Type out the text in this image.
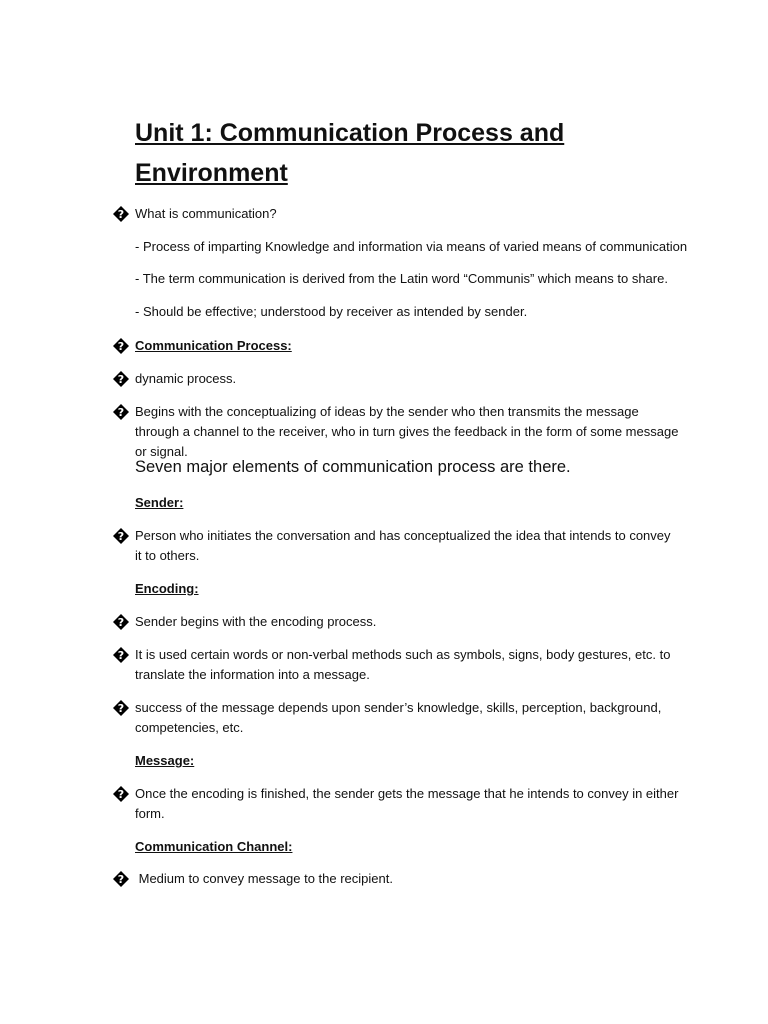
Unit 1: Communication Process and
Environment
? What is communication?
- Process of imparting Knowledge and information via means of varied means of communication
- The term communication is derived from the Latin word “Communis” which means to share.
- Should be effective; understood by receiver as intended by sender.
? Communication Process:
? dynamic process.
? Begins with the conceptualizing of ideas by the sender who then transmits the message through a channel to the receiver, who in turn gives the feedback in the form of some message or signal.
Seven major elements of communication process are there.
Sender:
? Person who initiates the conversation and has conceptualized the idea that intends to convey it to others.
Encoding:
? Sender begins with the encoding process.
? It is used certain words or non-verbal methods such as symbols, signs, body gestures, etc. to translate the information into a message.
? success of the message depends upon sender’s knowledge, skills, perception, background, competencies, etc.
Message:
? Once the encoding is finished, the sender gets the message that he intends to convey in either form.
Communication Channel:
? Medium to convey message to the recipient.
